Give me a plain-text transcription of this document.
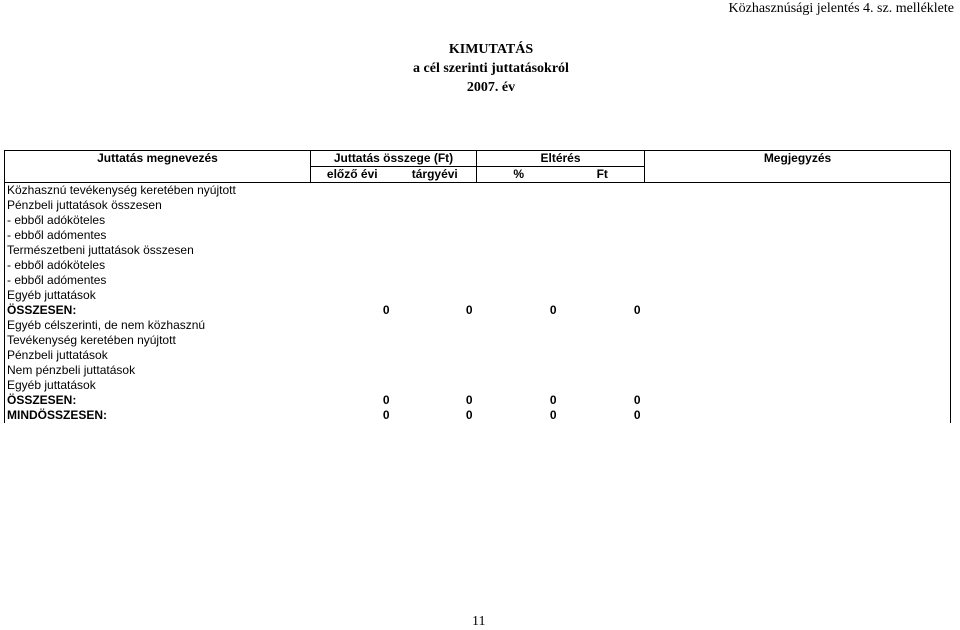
Közhasznúsági jelentés 4. sz. melléklete
KIMUTATÁS
a cél szerinti juttatásokról
2007. év
Juttatás megnevezés	Juttatás összege (Ft)		Eltérés		Megjegyzés
	előző évi	tárgyévi	%	Ft	
Közhasznú tevékenység keretében nyújtott					
Pénzbeli juttatások összesen					
- ebből adóköteles					
- ebből adómentes					
Természetbeni juttatások összesen					
- ebből adóköteles					
- ebből adómentes					
Egyéb juttatások					
ÖSSZESEN:	0	0	0	0	
Egyéb célszerinti, de nem közhasznú					
Tevékenység keretében nyújtott					
Pénzbeli juttatások					
Nem pénzbeli juttatások					
Egyéb juttatások					
ÖSSZESEN:	0	0	0	0	
MINDÖSSZESEN:	0	0	0	0	
11
